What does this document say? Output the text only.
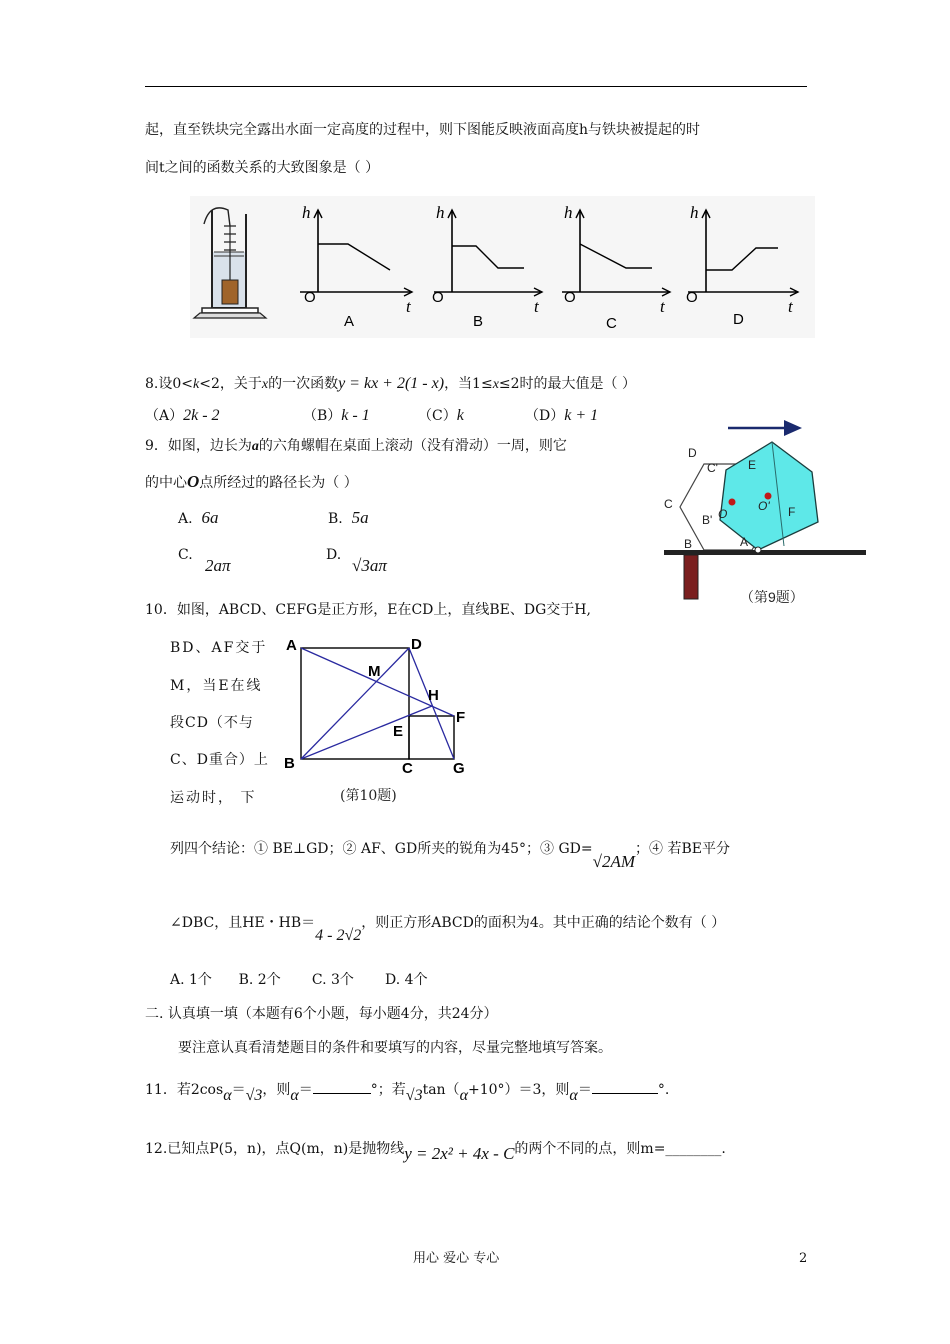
起，直至铁块完全露出水面一定高度的过程中，则下图能反映液面高度h与铁块被提起的时
间t之间的函数关系的大致图象是（ ）
h
O	t
A
h
O	t
B
h
O	t
C
h
O	t
D
8.设0<k<2，关于x的一次函数y = kx + 2(1 - x)，当1≤x≤2时的最大值是（ ）
（A）2k - 2	（B）k - 1	（C）k	（D）k + 1
9．如图，边长为a的六角螺帽在桌面上滚动（没有滑动）一周，则它
的中心O点所经过的路径长为（ ）
A. 6a	B. 5a
C.
2aπ
D.
√3aπ
D
C'	E
C
O
O' F
B'
B	A
（第9题）
10．如图，ABCD、CEFG是正方形，E在CD上，直线BE、DG交于H,
BD、AF交于
M，当E在线
段CD（不与
C、D重合）上
运动时， 下
A	D
M
H
F
E
B	C	G
(第10题)
列四个结论：① BE⊥GD；② AF、GD所夹的锐角为45°；③ GD=√2AM；④ 若BE平分
∠DBC，且HE・HB＝4 - 2√2，则正方形ABCD的面积为4。其中正确的结论个数有（ ）
A. 1个      B. 2个       C. 3个       D. 4个
二. 认真填一填（本题有6个小题，每小题4分，共24分）
要注意认真看清楚题目的条件和要填写的内容，尽量完整地填写答案。
11．若2cosα＝√3，则α＝	°；若√3tan（α+10°）＝3，则α＝	°.
12.已知点P(5，n)，点Q(m，n)是抛物线y = 2x² + 4x - C的两个不同的点，则m=________.
用心 爱心 专心	2
